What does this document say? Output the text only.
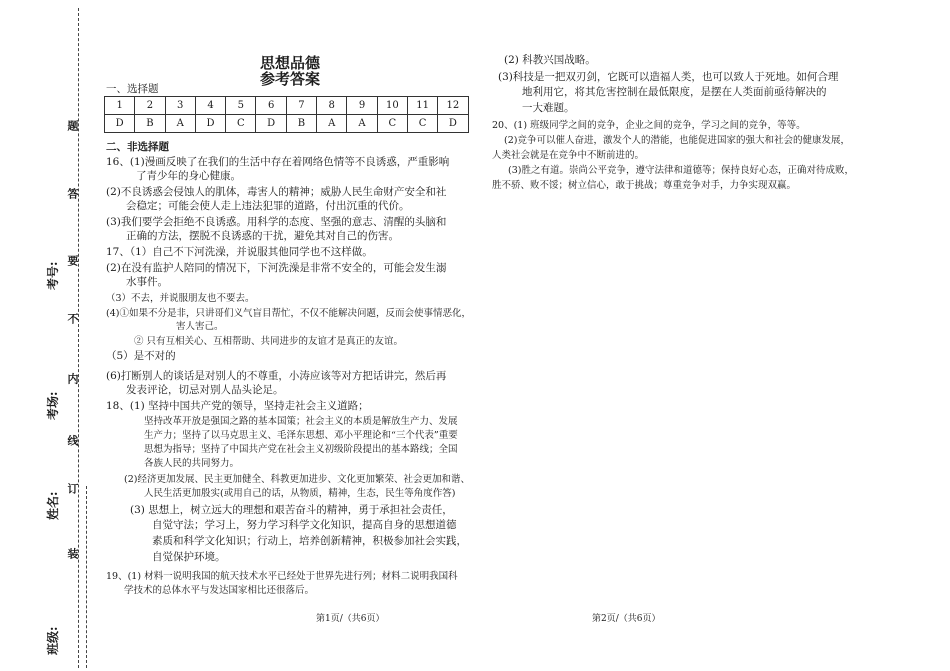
题
答
要
不
内
线
订
装
考号:
考场:
姓名:
班级:
思想品德
参考答案
一、选择题
1	2	3	4	5	6	7	8	9	10	11	12
D	B	A	D	C	D	B	A	A	C	C	D
二、非选择题
16、(1)漫画反映了在我们的生活中存在着网络色情等不良诱惑，严重影响
了青少年的身心健康。
(2)不良诱惑会侵蚀人的肌体，毒害人的精神；威胁人民生命财产安全和社
会稳定；可能会使人走上违法犯罪的道路，付出沉重的代价。
(3)我们要学会拒绝不良诱惑。用科学的态度、坚强的意志、清醒的头脑和
正确的方法，摆脱不良诱惑的干扰，避免其对自己的伤害。
17、（1）自己不下河洗澡，并说服其他同学也不这样做。
(2)在没有监护人陪同的情况下，下河洗澡是非常不安全的，可能会发生溺
水事件。
（3）不去，并说服朋友也不要去。
(4)①如果不分是非，只讲哥们义气盲目帮忙，不仅不能解决问题，反而会使事情恶化，
害人害己。
② 只有互相关心、互相帮助、共同进步的友谊才是真正的友谊。
（5）是不对的
(6)打断别人的谈话是对别人的不尊重，小涛应该等对方把话讲完，然后再
发表评论，切忌对别人品头论足。
18、(1) 坚持中国共产党的领导，坚持走社会主义道路；
坚持改革开放是强国之路的基本国策；社会主义的本质是解放生产力、发展
生产力；坚持了以马克思主义、毛泽东思想、邓小平理论和“三个代表”重要
思想为指导；坚持了中国共产党在社会主义初级阶段提出的基本路线；全国
各族人民的共同努力。
(2)经济更加发展、民主更加健全、科教更加进步、文化更加繁荣、社会更加和谐、
人民生活更加殷实(或用自己的话，从物质，精神，生态，民生等角度作答)
(3) 思想上，树立远大的理想和艰苦奋斗的精神，勇于承担社会责任，
自觉守法；学习上，努力学习科学文化知识，提高自身的思想道德
素质和科学文化知识；行动上，培养创新精神，积极参加社会实践，
自觉保护环境。
19、(1) 材料一说明我国的航天技术水平已经处于世界先进行列；材料二说明我国科
学技术的总体水平与发达国家相比还很落后。
(2) 科教兴国战略。
(3)科技是一把双刃剑，它既可以造福人类，也可以致人于死地。如何合理
地利用它，将其危害控制在最低限度，是摆在人类面前亟待解决的
一大难题。
20、(1) 班级同学之间的竞争，企业之间的竞争，学习之间的竞争，等等。
(2)竞争可以催人奋进，激发个人的潜能，也能促进国家的强大和社会的健康发展，
人类社会就是在竞争中不断前进的。
(3)胜之有道。崇尚公平竞争，遵守法律和道德等；保持良好心态，正确对待成败，
胜不骄、败不馁；树立信心，敢于挑战；尊重竞争对手，力争实现双赢。
第1页/（共6页）	第2页/（共6页）
